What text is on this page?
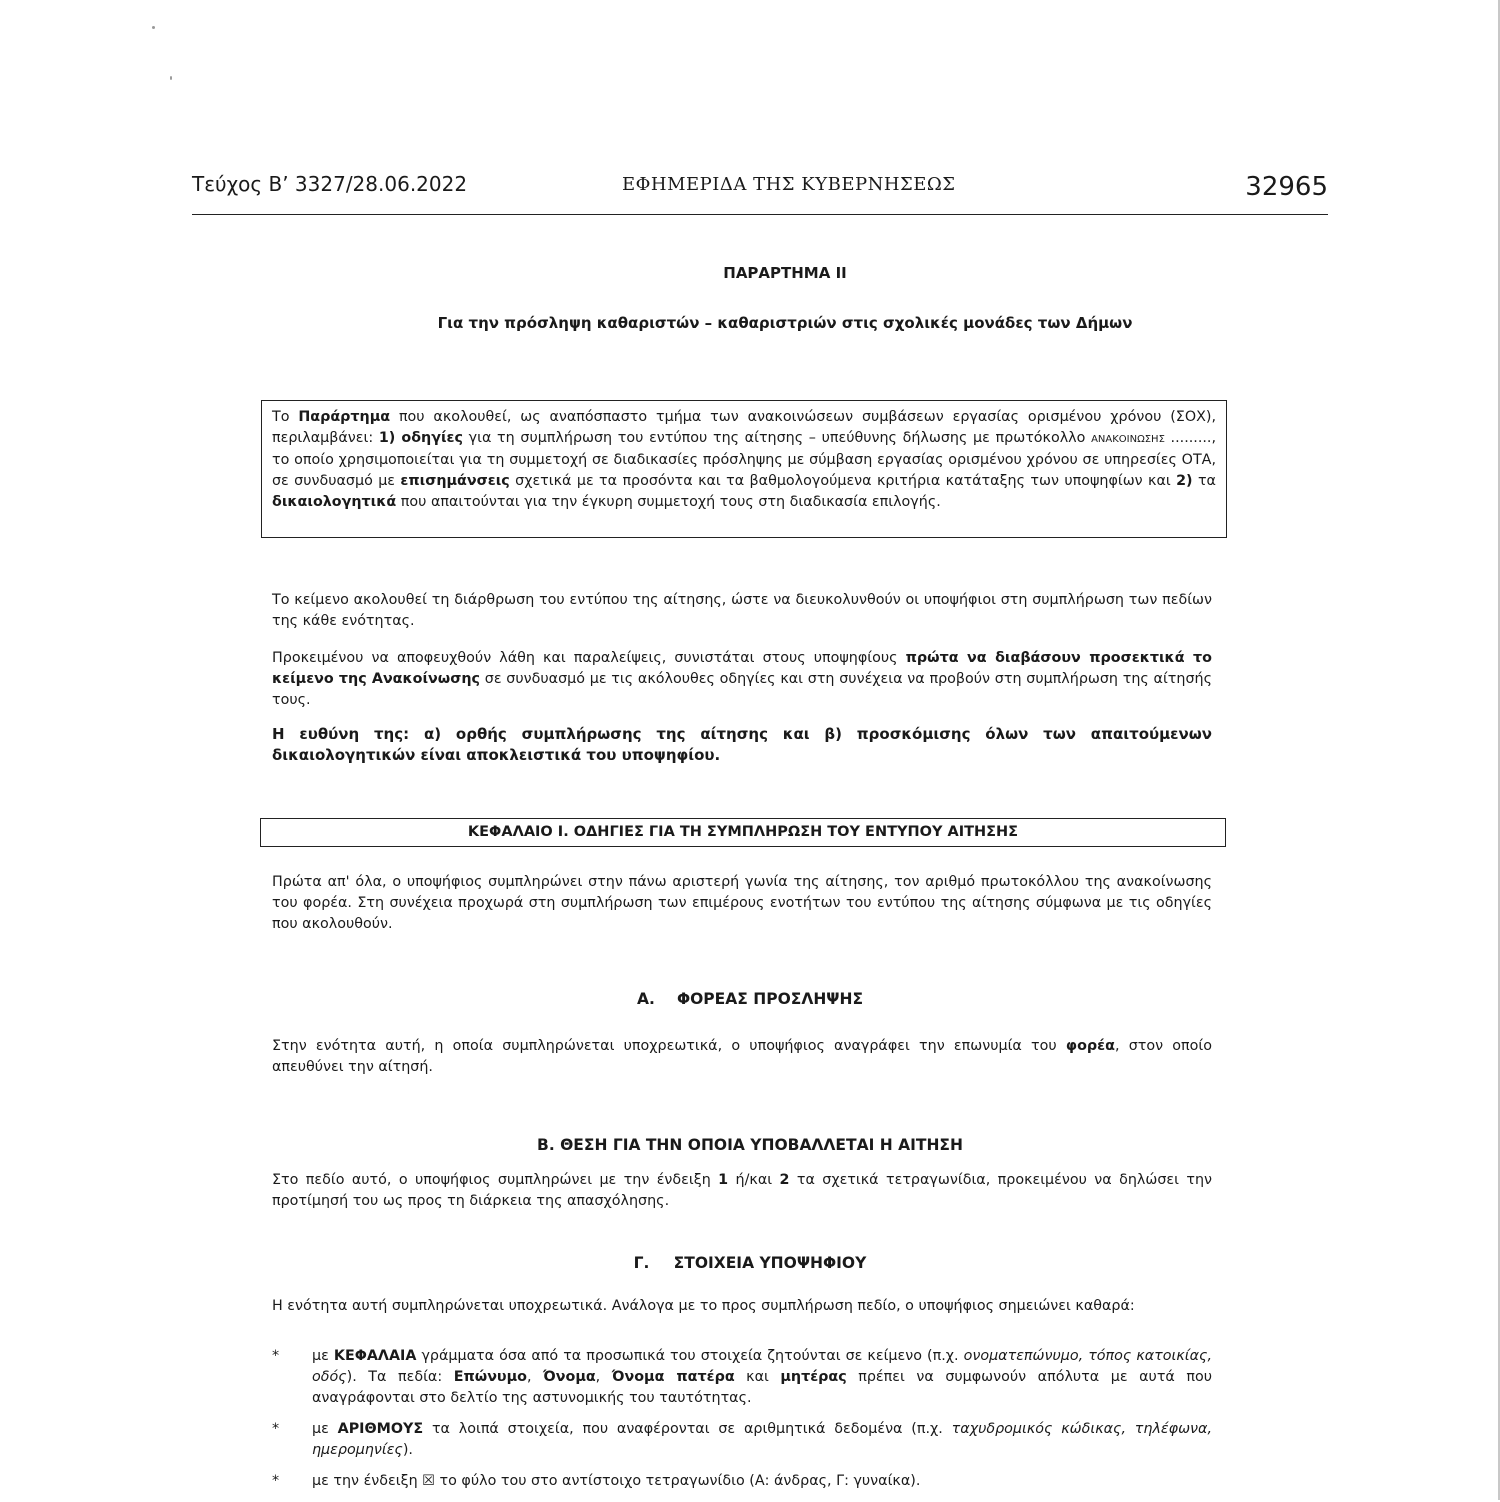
Τεύχος Β’ 3327/28.06.2022	ΕΦΗΜΕΡΙΔΑ ΤΗΣ ΚΥΒΕΡΝΗΣΕΩΣ	32965
ΠΑΡΑΡΤΗΜΑ ΙΙ
Για την πρόσληψη καθαριστών – καθαριστριών στις σχολικές μονάδες των Δήμων
Το Παράρτημα που ακολουθεί, ως αναπόσπαστο τμήμα των ανακοινώσεων συμβάσεων εργασίας ορισμένου χρόνου (ΣΟΧ), περιλαμβάνει: 1) οδηγίες για τη συμπλήρωση του εντύπου της αίτησης – υπεύθυνης δήλωσης με πρωτόκολλο ΑΝΑΚΟΙΝΩΣΗΣ ........., το οποίο χρησιμοποιείται για τη συμμετοχή σε διαδικασίες πρόσληψης με σύμβαση εργασίας ορισμένου χρόνου σε υπηρεσίες ΟΤΑ, σε συνδυασμό με επισημάνσεις σχετικά με τα προσόντα και τα βαθμολογούμενα κριτήρια κατάταξης των υποψηφίων και 2) τα δικαιολογητικά που απαιτούνται για την έγκυρη συμμετοχή τους στη διαδικασία επιλογής.
Το κείμενο ακολουθεί τη διάρθρωση του εντύπου της αίτησης, ώστε να διευκολυνθούν οι υποψήφιοι στη συμπλήρωση των πεδίων της κάθε ενότητας.
Προκειμένου να αποφευχθούν λάθη και παραλείψεις, συνιστάται στους υποψηφίους πρώτα να διαβάσουν προσεκτικά το κείμενο της Ανακοίνωσης σε συνδυασμό με τις ακόλουθες οδηγίες και στη συνέχεια να προβούν στη συμπλήρωση της αίτησής τους.
Η ευθύνη της: α) ορθής συμπλήρωσης της αίτησης και β) προσκόμισης όλων των απαιτούμενων δικαιολογητικών είναι αποκλειστικά του υποψηφίου.
ΚΕΦΑΛΑΙΟ Ι. ΟΔΗΓΙΕΣ ΓΙΑ ΤΗ ΣΥΜΠΛΗΡΩΣΗ ΤΟΥ ΕΝΤΥΠΟΥ ΑΙΤΗΣΗΣ
Πρώτα απ' όλα, ο υποψήφιος συμπληρώνει στην πάνω αριστερή γωνία της αίτησης, τον αριθμό πρωτοκόλλου της ανακοίνωσης του φορέα. Στη συνέχεια προχωρά στη συμπλήρωση των επιμέρους ενοτήτων του εντύπου της αίτησης σύμφωνα με τις οδηγίες που ακολουθούν.
Α. ΦΟΡΕΑΣ ΠΡΟΣΛΗΨΗΣ
Στην ενότητα αυτή, η οποία συμπληρώνεται υποχρεωτικά, ο υποψήφιος αναγράφει την επωνυμία του φορέα, στον οποίο απευθύνει την αίτησή.
Β. ΘΕΣΗ ΓΙΑ ΤΗΝ ΟΠΟΙΑ ΥΠΟΒΑΛΛΕΤΑΙ Η ΑΙΤΗΣΗ
Στο πεδίο αυτό, ο υποψήφιος συμπληρώνει με την ένδειξη 1 ή/και 2 τα σχετικά τετραγωνίδια, προκειμένου να δηλώσει την προτίμησή του ως προς τη διάρκεια της απασχόλησης.
Γ. ΣΤΟΙΧΕΙΑ ΥΠΟΨΗΦΙΟΥ
Η ενότητα αυτή συμπληρώνεται υποχρεωτικά. Ανάλογα με το προς συμπλήρωση πεδίο, ο υποψήφιος σημειώνει καθαρά:
* με ΚΕΦΑΛΑΙΑ γράμματα όσα από τα προσωπικά του στοιχεία ζητούνται σε κείμενο (π.χ. ονοματεπώνυμο, τόπος κατοικίας, οδός). Τα πεδία: Επώνυμο, Όνομα, Όνομα πατέρα και μητέρας πρέπει να συμφωνούν απόλυτα με αυτά που αναγράφονται στο δελτίο της αστυνομικής του ταυτότητας.
* με ΑΡΙΘΜΟΥΣ τα λοιπά στοιχεία, που αναφέρονται σε αριθμητικά δεδομένα (π.χ. ταχυδρομικός κώδικας, τηλέφωνα, ημερομηνίες).
* με την ένδειξη ☒ το φύλο του στο αντίστοιχο τετραγωνίδιο (Α: άνδρας, Γ: γυναίκα).
